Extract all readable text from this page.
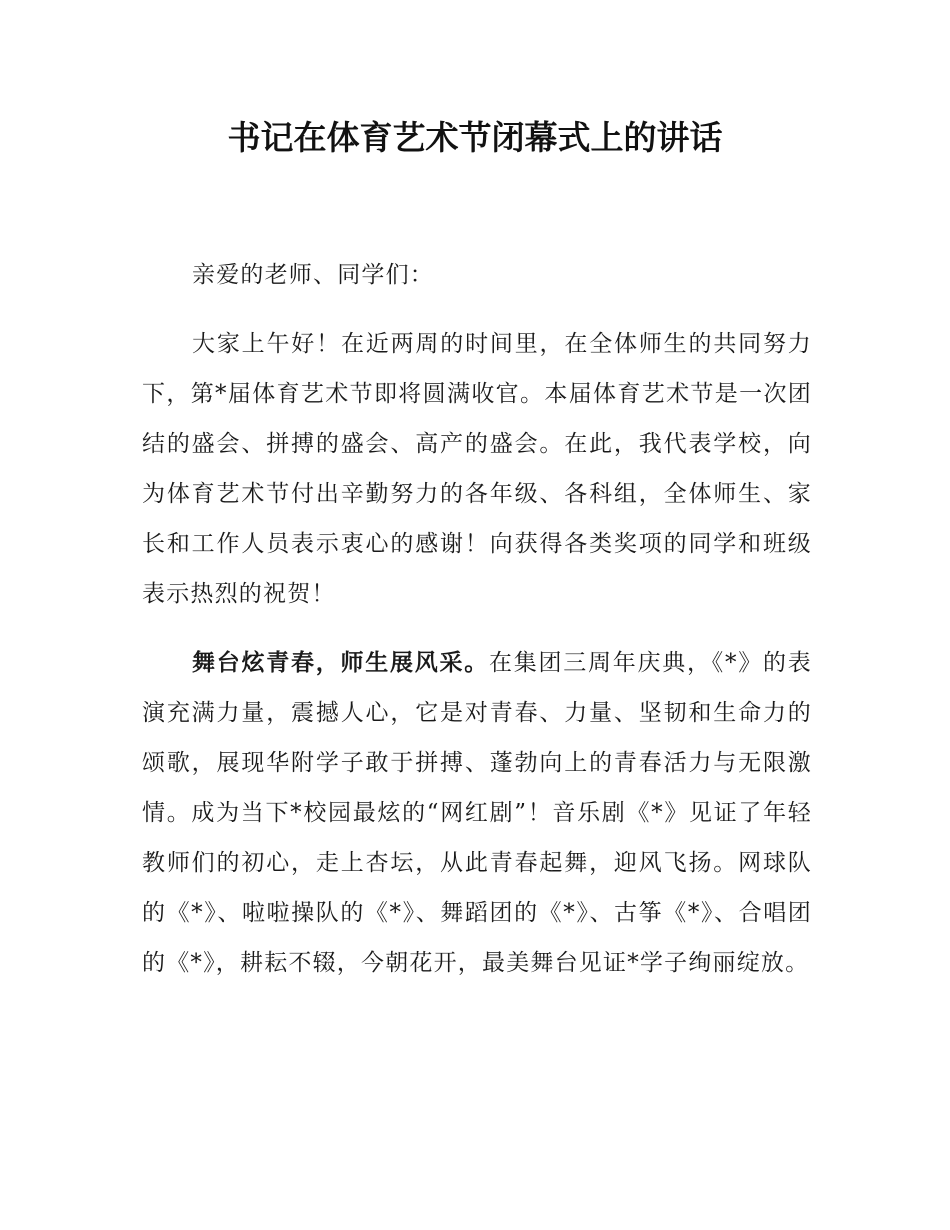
书记在体育艺术节闭幕式上的讲话

亲爱的老师、同学们：

大家上午好！在近两周的时间里，在全体师生的共同努力下，第*届体育艺术节即将圆满收官。本届体育艺术节是一次团结的盛会、拼搏的盛会、高产的盛会。在此，我代表学校，向为体育艺术节付出辛勤努力的各年级、各科组，全体师生、家长和工作人员表示衷心的感谢！向获得各类奖项的同学和班级表示热烈的祝贺！

舞台炫青春，师生展风采。在集团三周年庆典，《*》的表演充满力量，震撼人心，它是对青春、力量、坚韧和生命力的颂歌，展现华附学子敢于拼搏、蓬勃向上的青春活力与无限激情。成为当下*校园最炫的“网红剧”！音乐剧《*》见证了年轻教师们的初心，走上杏坛，从此青春起舞，迎风飞扬。网球队的《*》、啦啦操队的《*》、舞蹈团的《*》、古筝《*》、合唱团的《*》，耕耘不辍，今朝花开，最美舞台见证*学子绚丽绽放。
